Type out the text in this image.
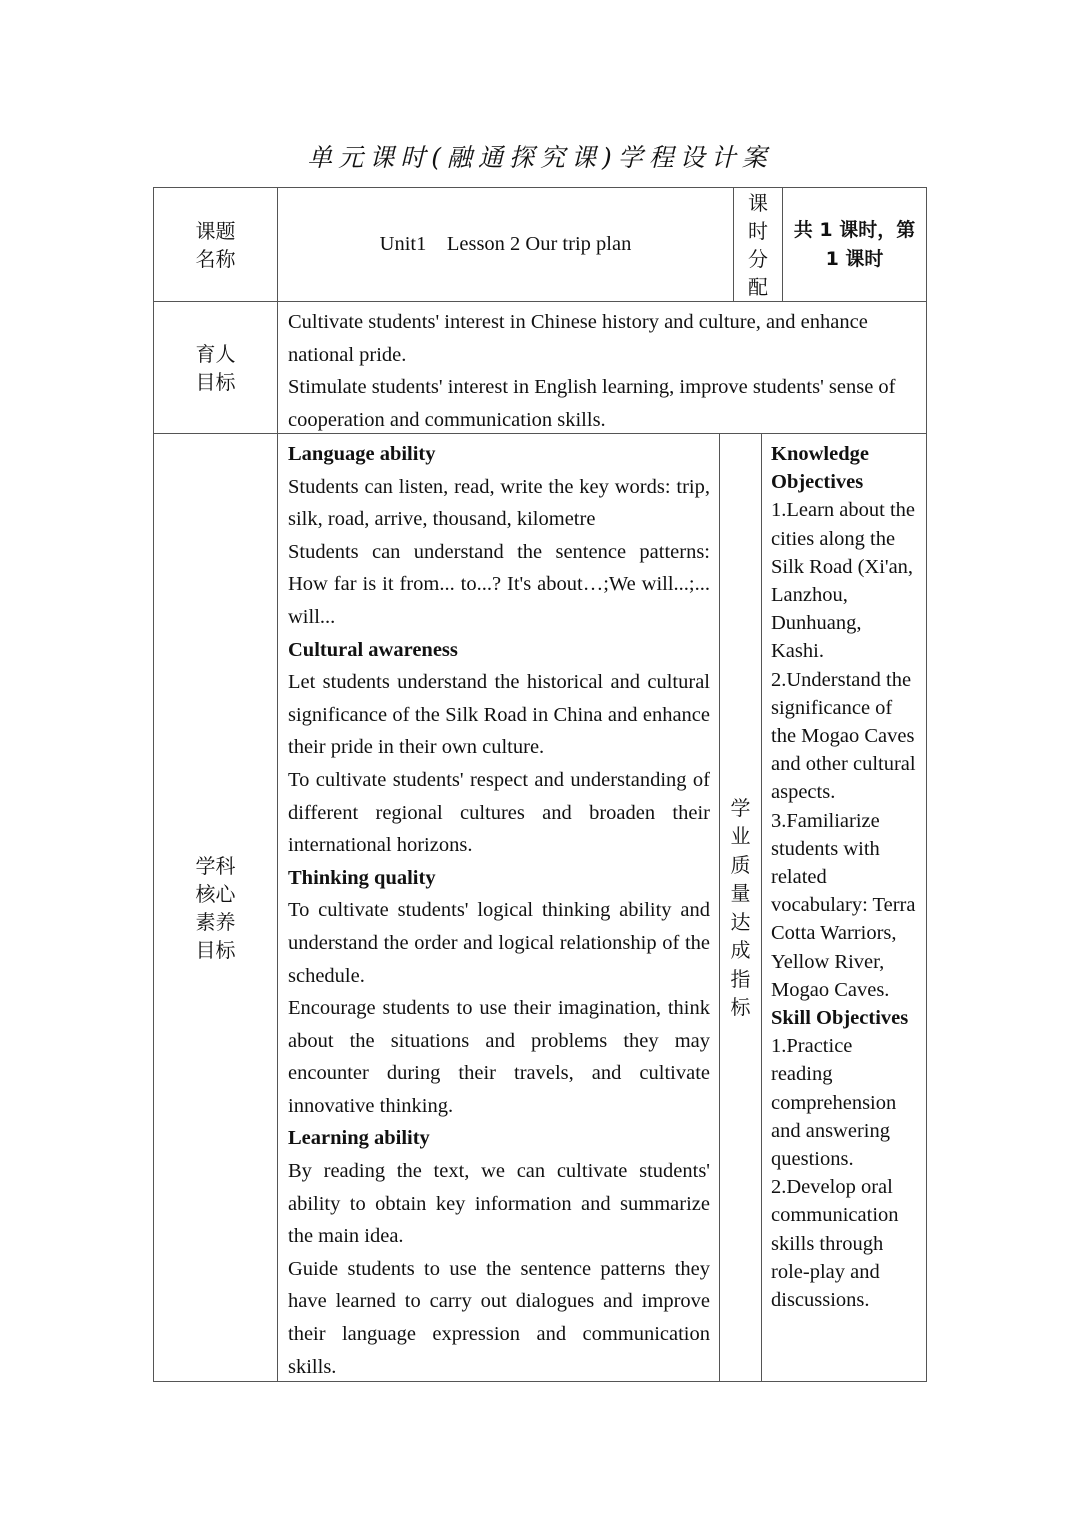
单元课时(融通探究课)学程设计案
课题
名称
Unit1    Lesson 2 Our trip plan
课
时
分
配
共 1 课时，第
1 课时
育人
目标

Cultivate students' interest in Chinese history and culture, and enhance national pride.

Stimulate students' interest in English learning, improve students' sense of cooperation and communication skills.

学科
核心
素养
目标

Language ability

Students can listen, read, write the key words: trip, silk, road, arrive, thousand, kilometre

Students can understand the sentence patterns: How far is it from... to...? It's about…;We will...;... will...

Cultural awareness

Let students understand the historical and cultural significance of the Silk Road in China and enhance their pride in their own culture.

To cultivate students' respect and understanding of different regional cultures and broaden their international horizons.

Thinking quality

To cultivate students' logical thinking ability and understand the order and logical relationship of the schedule.

Encourage students to use their imagination, think about the situations and problems they may encounter during their travels, and cultivate innovative thinking.

Learning ability

By reading the text, we can cultivate students' ability to obtain key information and summarize the main idea.

Guide students to use the sentence patterns they have learned to carry out dialogues and improve their language expression and communication skills.

学
业
质
量
达
成
指
标

Knowledge Objectives

1.Learn about the cities along the Silk Road (Xi'an, Lanzhou, Dunhuang, Kashi.

2.Understand the significance of the Mogao Caves and other cultural aspects.

3.Familiarize students with related vocabulary: Terra Cotta Warriors, Yellow River, Mogao Caves.

Skill Objectives

1.Practice reading comprehension and answering questions.

2.Develop oral communication skills through role-play and discussions.
